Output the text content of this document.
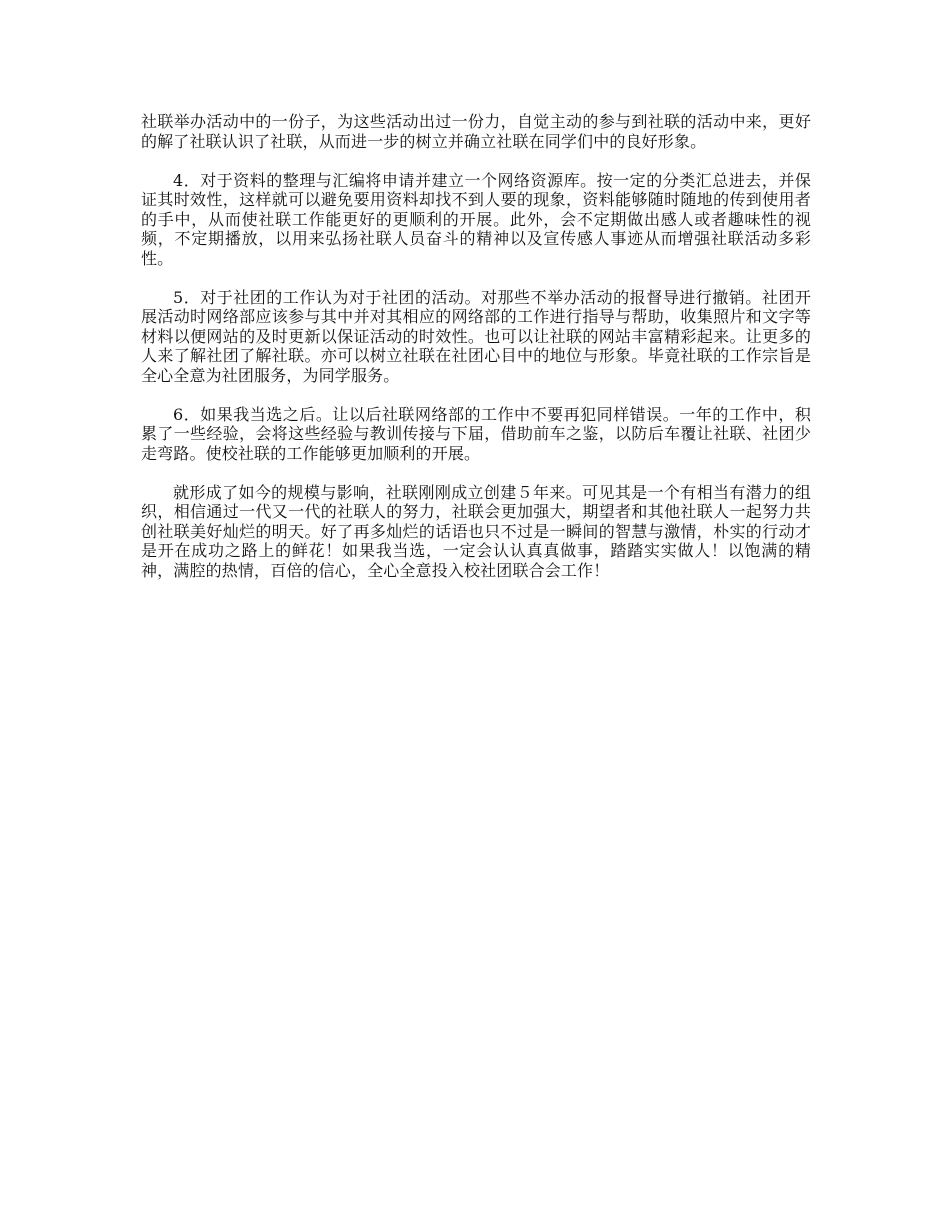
社联举办活动中的一份子，为这些活动出过一份力，自觉主动的参与到社联的活动中来，更好的解了社联认识了社联，从而进一步的树立并确立社联在同学们中的良好形象。

4．对于资料的整理与汇编将申请并建立一个网络资源库。按一定的分类汇总进去，并保证其时效性，这样就可以避免要用资料却找不到人要的现象，资料能够随时随地的传到使用者的手中，从而使社联工作能更好的更顺利的开展。此外，会不定期做出感人或者趣味性的视频，不定期播放，以用来弘扬社联人员奋斗的精神以及宣传感人事迹从而增强社联活动多彩性。

5．对于社团的工作认为对于社团的活动。对那些不举办活动的报督导进行撤销。社团开展活动时网络部应该参与其中并对其相应的网络部的工作进行指导与帮助，收集照片和文字等材料以便网站的及时更新以保证活动的时效性。也可以让社联的网站丰富精彩起来。让更多的人来了解社团了解社联。亦可以树立社联在社团心目中的地位与形象。毕竟社联的工作宗旨是全心全意为社团服务，为同学服务。

6．如果我当选之后。让以后社联网络部的工作中不要再犯同样错误。一年的工作中，积累了一些经验，会将这些经验与教训传接与下届，借助前车之鉴，以防后车覆让社联、社团少走弯路。使校社联的工作能够更加顺利的开展。

就形成了如今的规模与影响，社联刚刚成立创建５年来。可见其是一个有相当有潜力的组织，相信通过一代又一代的社联人的努力，社联会更加强大，期望者和其他社联人一起努力共创社联美好灿烂的明天。好了再多灿烂的话语也只不过是一瞬间的智慧与激情，朴实的行动才是开在成功之路上的鲜花！如果我当选，一定会认认真真做事，踏踏实实做人！以饱满的精神，满腔的热情，百倍的信心，全心全意投入校社团联合会工作！
